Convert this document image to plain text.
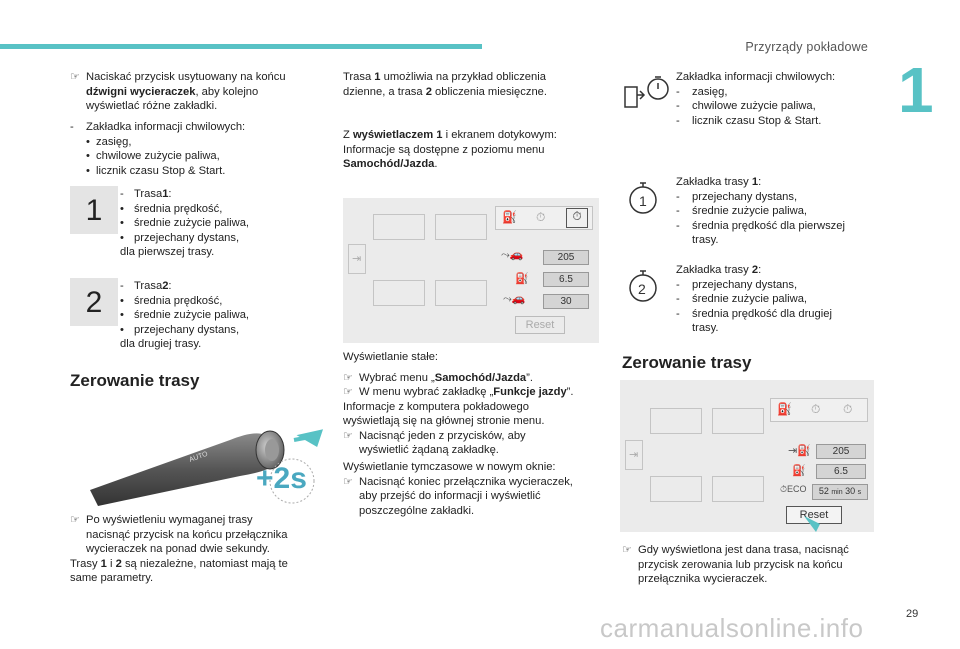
Przyrządy pokładowe
1
29
carmanualsonline.info
☞ Naciskać przycisk usytuowany na końcu
dźwigni wycieraczek, aby kolejno
wyświetlać różne zakładki.
-	Zakładka informacji chwilowych:
• zasięg,
• chwilowe zużycie paliwa,
• licznik czasu Stop & Start.
1	- Trasa 1 :
• średnia prędkość,
• średnie zużycie paliwa,
• przejechany dystans,
dla pierwszej trasy.
2	- Trasa 2 :
• średnia prędkość,
• średnie zużycie paliwa,
• przejechany dystans,
dla drugiej trasy.
Zerowanie trasy
AUTO
+2s
☞ Po wyświetleniu wymaganej trasy
nacisnąć przycisk na końcu przełącznika
wycieraczek na ponad dwie sekundy.
Trasy 1 i 2 są niezależne, natomiast mają te
same parametry.
Trasa 1 umożliwia na przykład obliczenia
dzienne, a trasa 2 obliczenia miesięczne.
Z wyświetlaczem 1 i ekranem dotykowym:
Informacje są dostępne z poziomu menu
Samochód/Jazda.
⇥
⛽ ⏱	⏱
⤳🚗	205
⛽	6.5
⤳🚗	30
Reset
Wyświetlanie stałe:
☞ Wybrać menu „Samochód/Jazda”.
☞ W menu wybrać zakładkę „Funkcje jazdy”.
Informacje z komputera pokładowego
wyświetlają się na głównej stronie menu.
☞ Nacisnąć jeden z przycisków, aby
wyświetlić żądaną zakładkę.
Wyświetlanie tymczasowe w nowym oknie:
☞ Nacisnąć koniec przełącznika wycieraczek,
aby przejść do informacji i wyświetlić
poszczególne zakładki.
Zakładka informacji chwilowych:
-	zasięg,
-	chwilowe zużycie paliwa,
-	licznik czasu Stop & Start.
1
Zakładka trasy 1:
-	przejechany dystans,
-	średnie zużycie paliwa,
-	średnia prędkość dla pierwszej
trasy.
2
Zakładka trasy 2:
-	przejechany dystans,
-	średnie zużycie paliwa,
-	średnia prędkość dla drugiej
trasy.
Zerowanie trasy
⇥
⛽ ⏱ ⏱
⇥⛽	205
⛽	6.5
⏱ECO	52 min 30 s
Reset
☞ Gdy wyświetlona jest dana trasa, nacisnąć
przycisk zerowania lub przycisk na końcu
przełącznika wycieraczek.
